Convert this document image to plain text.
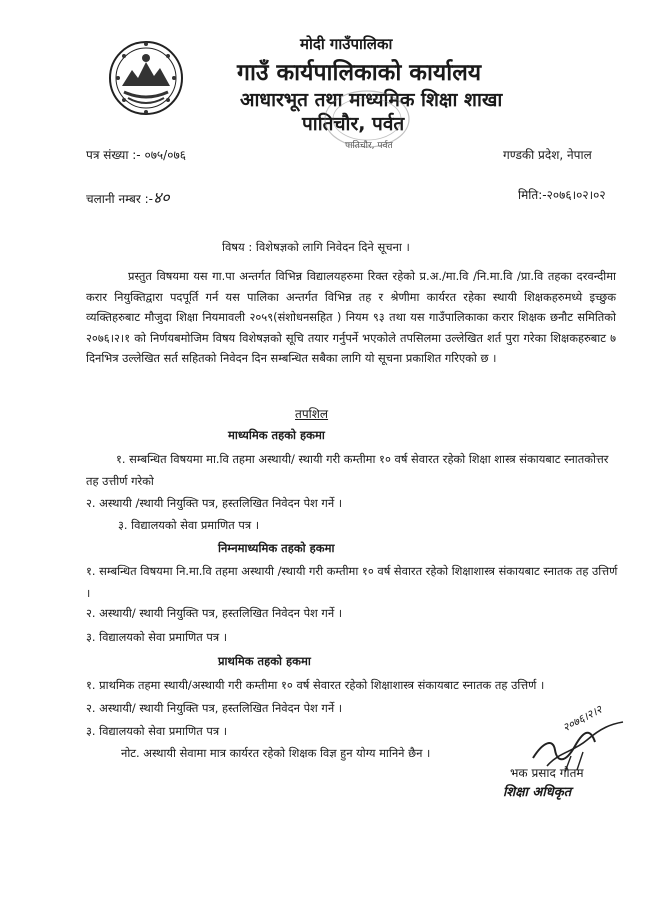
मोदी गाउँपालिका
गाउँ कार्यपालिकाको कार्यालय
आधारभूत तथा माध्यमिक शिक्षा शाखा
पातिचौर, पर्वत
पातिचौर, पर्वत
पत्र संख्या :- ०७५/०७६	गण्डकी प्रदेश, नेपाल
चलानी नम्बर :-४०	मिति:-२०७६।०२।०२
विषय : विशेषज्ञको लागि निवेदन दिने सूचना ।
प्रस्तुत विषयमा यस गा.पा अन्तर्गत विभिन्न विद्यालयहरुमा रिक्त रहेको प्र.अ./मा.वि /नि.मा.वि /प्रा.वि तहका दरवन्दीमा करार नियुक्तिद्वारा पदपूर्ति गर्न यस पालिका अन्तर्गत विभिन्न तह र श्रेणीमा कार्यरत रहेका स्थायी शिक्षकहरुमध्ये इच्छुक व्यक्तिहरुबाट मौजुदा शिक्षा नियमावली २०५९(संशोधनसहित ) नियम ९३ तथा यस गाउँपालिकाका करार शिक्षक छनौट समितिको २०७६।२।१ को निर्णयबमोजिम विषय विशेषज्ञको सूचि तयार गर्नुपर्ने भएकोले तपसिलमा उल्लेखित शर्त पुरा गरेका शिक्षकहरुबाट ७ दिनभित्र उल्लेखित सर्त सहितको निवेदन दिन सम्बन्धित सबैका लागि यो सूचना प्रकाशित गरिएको छ ।
तपशिल
माध्यमिक तहको हकमा
१. सम्बन्धित विषयमा मा.वि तहमा अस्थायी/ स्थायी गरी कम्तीमा १० वर्ष सेवारत रहेको शिक्षा शास्त्र संकायबाट स्नातकोत्तर तह उत्तीर्ण गरेको
२. अस्थायी /स्थायी नियुक्ति पत्र, हस्तलिखित निवेदन पेश गर्ने ।
३. विद्यालयको सेवा प्रमाणित पत्र ।
निम्नमाध्यमिक तहको हकमा
१. सम्बन्धित विषयमा नि.मा.वि तहमा अस्थायी /स्थायी गरी कम्तीमा १० वर्ष सेवारत रहेको शिक्षाशास्त्र संकायबाट स्नातक तह उत्तिर्ण ।
२. अस्थायी/ स्थायी नियुक्ति पत्र, हस्तलिखित निवेदन पेश गर्ने ।
३. विद्यालयको सेवा प्रमाणित पत्र ।
प्राथमिक तहको हकमा
१. प्राथमिक तहमा स्थायी/अस्थायी गरी कम्तीमा १० वर्ष सेवारत रहेको शिक्षाशास्त्र संकायबाट स्नातक तह उत्तिर्ण ।
२. अस्थायी/ स्थायी नियुक्ति पत्र, हस्तलिखित निवेदन पेश गर्ने ।
३. विद्यालयको सेवा प्रमाणित पत्र ।
नोट. अस्थायी सेवामा मात्र कार्यरत रहेको शिक्षक विज्ञ हुन योग्य मानिने छैन ।
२०७६।२।२
भक प्रसाद गौतम
शिक्षा अधिकृत
